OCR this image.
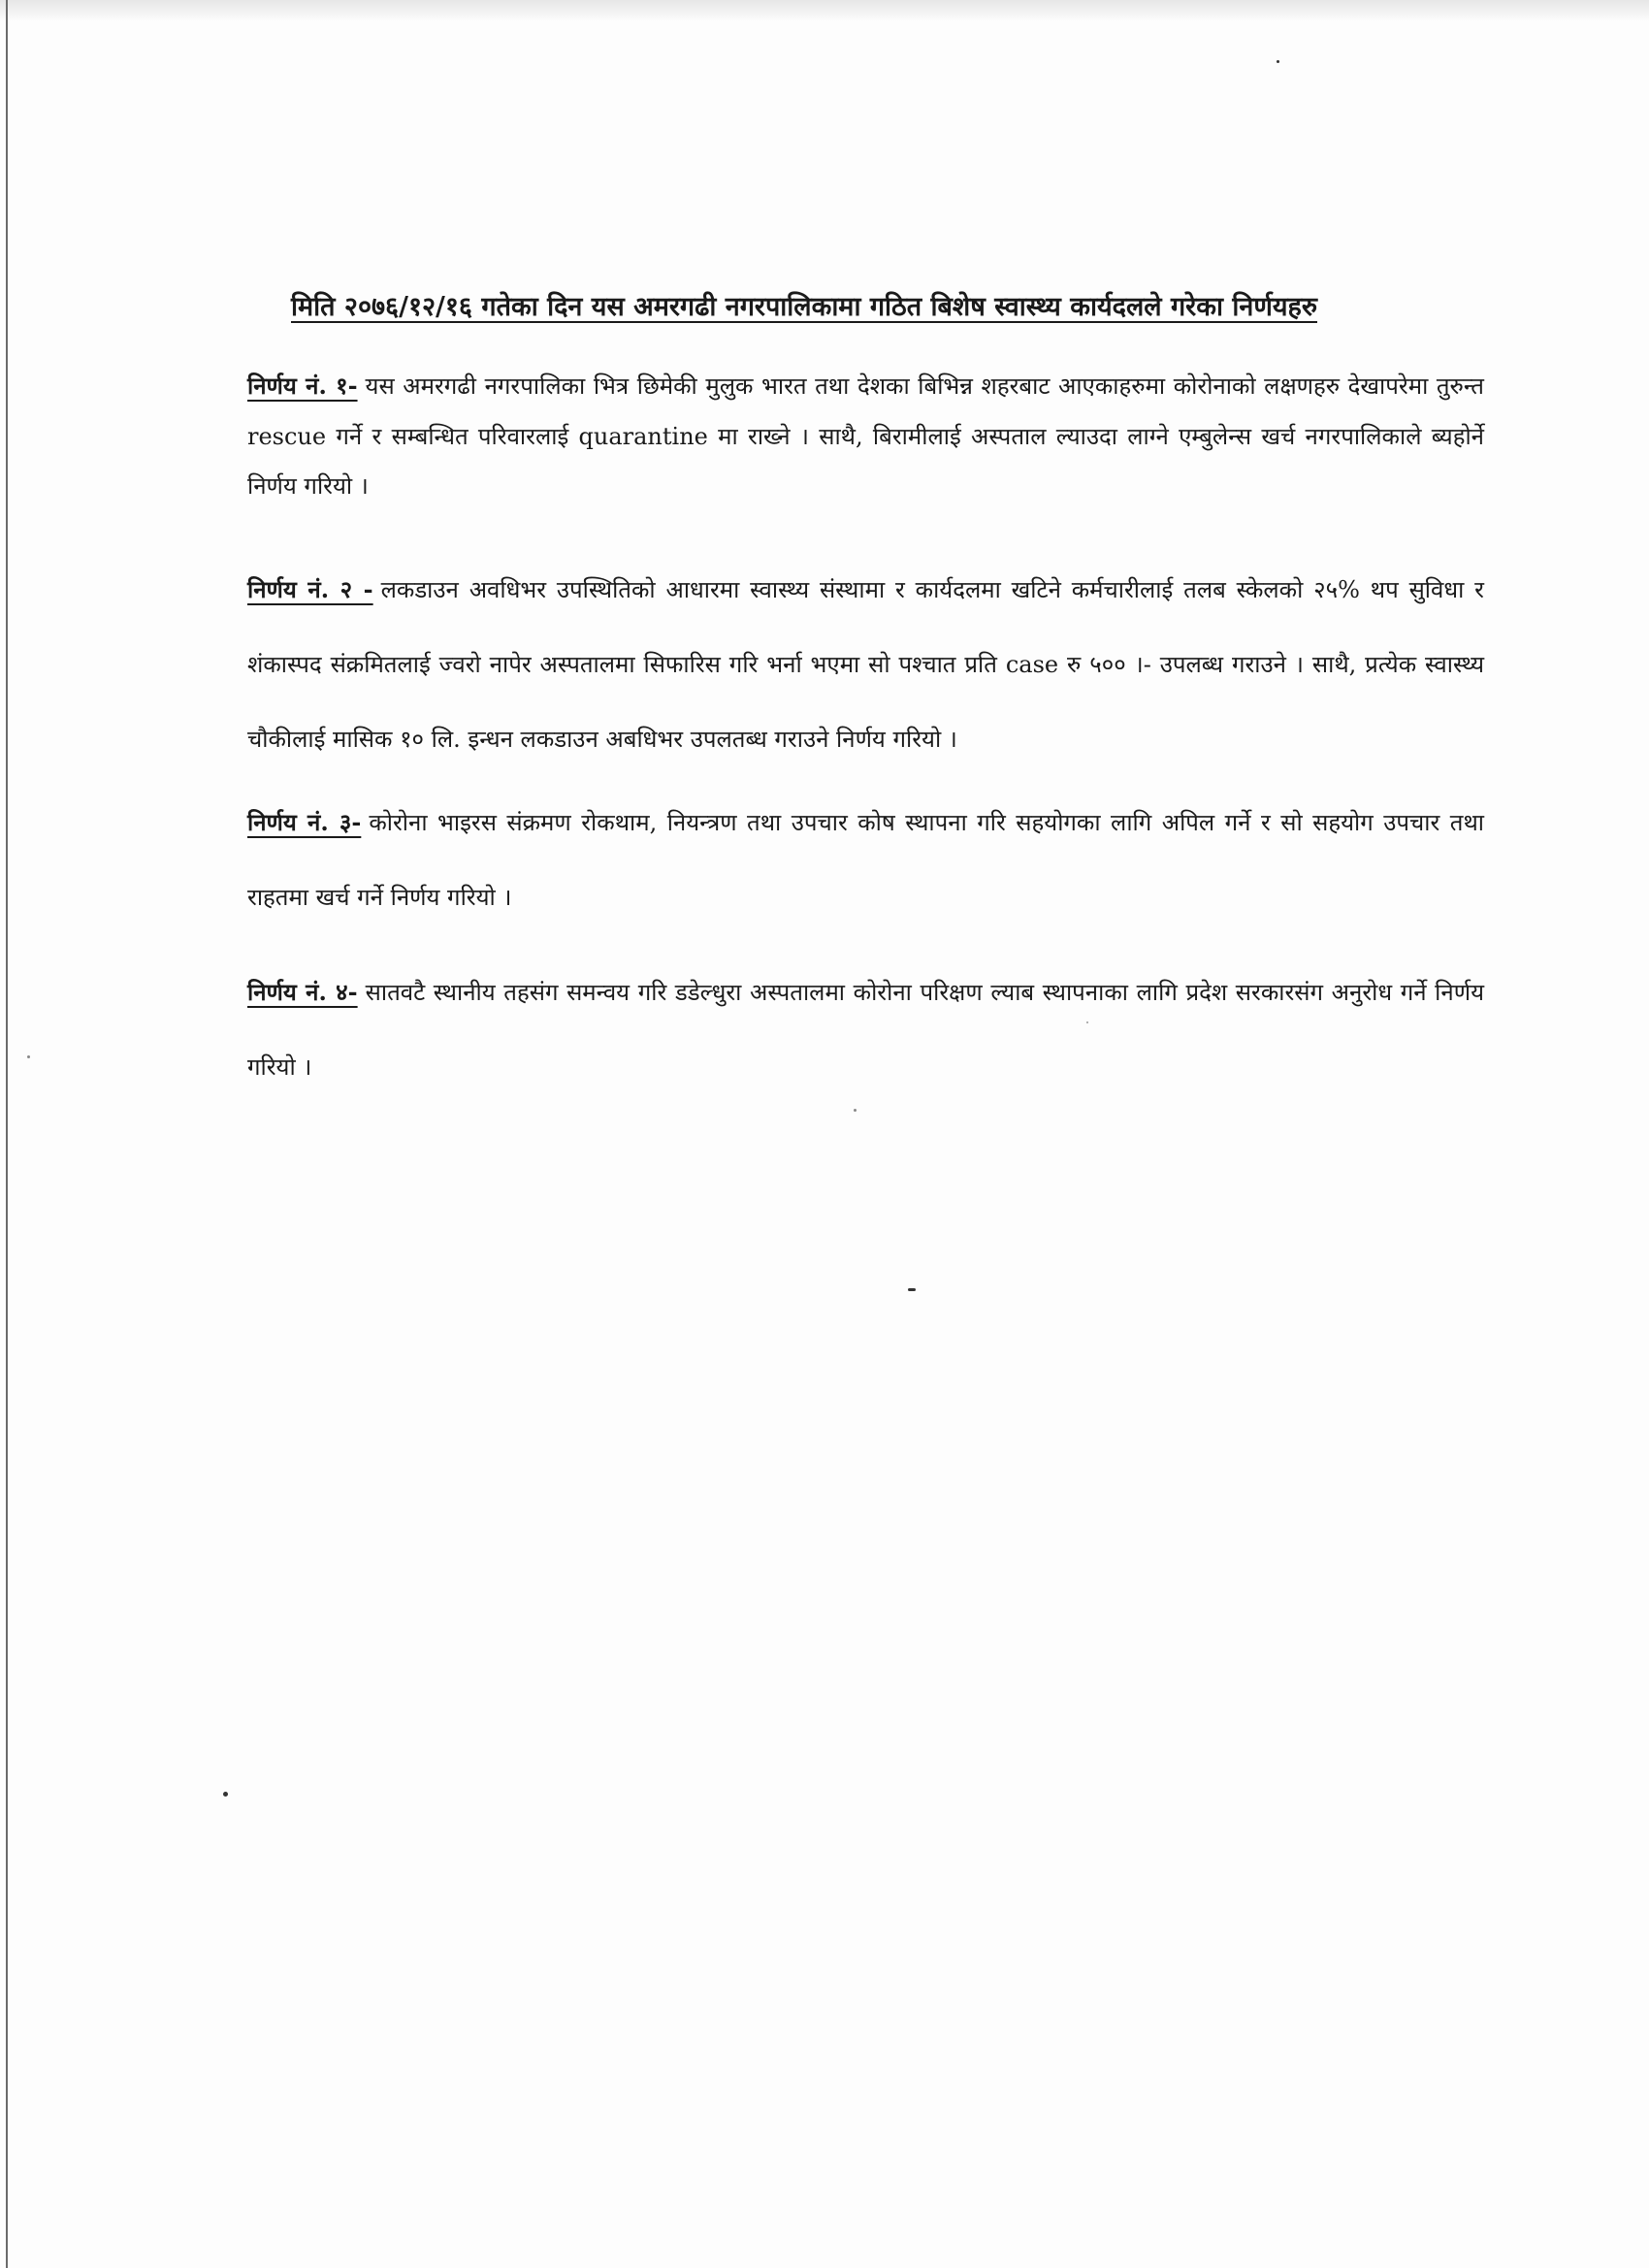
मिति २०७६/१२/१६ गतेका दिन यस अमरगढी नगरपालिकामा गठित बिशेष स्वास्थ्य कार्यदलले गरेका निर्णयहरु
निर्णय नं. १- यस अमरगढी नगरपालिका भित्र छिमेकी मुलुक भारत तथा देशका बिभिन्न शहरबाट आएकाहरुमा कोरोनाको लक्षणहरु देखापरेमा तुरुन्त rescue गर्ने र सम्बन्धित परिवारलाई quarantine मा राख्ने । साथै, बिरामीलाई अस्पताल ल्याउदा लाग्ने एम्बुलेन्स खर्च नगरपालिकाले ब्यहोर्ने निर्णय गरियो ।
निर्णय नं. २ - लकडाउन अवधिभर उपस्थितिको आधारमा स्वास्थ्य संस्थामा र कार्यदलमा खटिने कर्मचारीलाई तलब स्केलको २५% थप सुविधा र शंकास्पद संक्रमितलाई ज्वरो नापेर अस्पतालमा सिफारिस गरि भर्ना भएमा सो पश्चात प्रति case रु ५०० ।- उपलब्ध गराउने । साथै, प्रत्येक स्वास्थ्य चौकीलाई मासिक १० लि. इन्धन लकडाउन अबधिभर उपलतब्ध गराउने निर्णय गरियो ।
निर्णय नं. ३- कोरोना भाइरस संक्रमण रोकथाम, नियन्त्रण तथा उपचार कोष स्थापना गरि सहयोगका लागि अपिल गर्ने र सो सहयोग उपचार तथा राहतमा खर्च गर्ने निर्णय गरियो ।
निर्णय नं. ४- सातवटै स्थानीय तहसंग समन्वय गरि डडेल्धुरा अस्पतालमा कोरोना परिक्षण ल्याब स्थापनाका लागि प्रदेश सरकारसंग अनुरोध गर्ने निर्णय गरियो ।
